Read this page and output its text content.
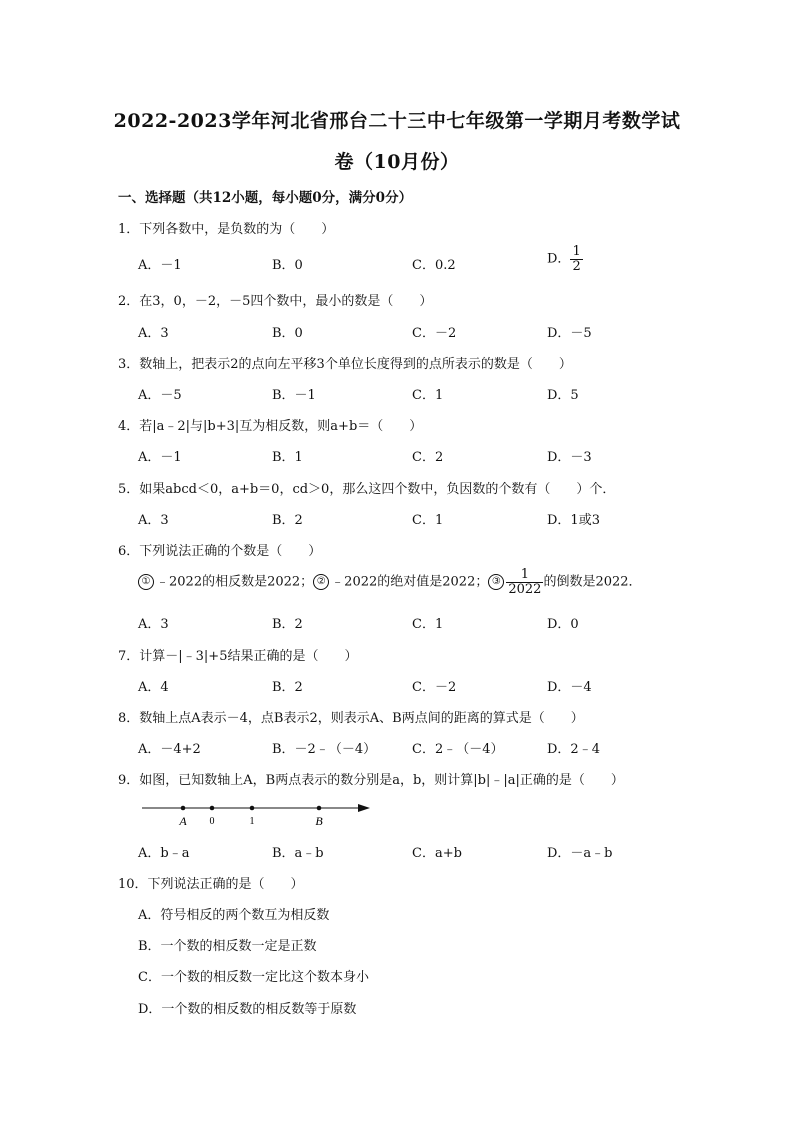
2022-2023学年河北省邢台二十三中七年级第一学期月考数学试
卷（10月份）
一、选择题（共12小题，每小题0分，满分0分）
1．下列各数中，是负数的为（　　）
A．－1	B．0	C．0.2	D． $\frac{1}{2}$
2．在3，0，－2，－5四个数中，最小的数是（　　）
A．3	B．0	C．－2	D．－5
3．数轴上，把表示2的点向左平移3个单位长度得到的点所表示的数是（　　）
A．－5	B．－1	C．1	D．5
4．若|a﹣2|与|b+3|互为相反数，则a+b＝（　　）
A．－1	B．1	C．2	D．－3
5．如果abcd＜0，a+b＝0，cd＞0，那么这四个数中，负因数的个数有（　　）个．
A．3	B．2	C．1	D．1或3
6．下列说法正确的个数是（　　）
① ﹣2022的相反数是2022； ② ﹣2022的绝对值是2022； ③ $\frac{1}{2022}$ 的倒数是2022．
A．3	B．2	C．1	D．0
7．计算－|﹣3|+5结果正确的是（　　）
A．4	B．2	C．－2	D．－4
8．数轴上点A表示－4，点B表示2，则表示A、B两点间的距离的算式是（　　）
A．－4+2	B．－2﹣（－4）	C．2﹣（－4）	D．2﹣4
9．如图，已知数轴上A，B两点表示的数分别是a，b，则计算|b|﹣|a|正确的是（　　）
A 0	1	B
A．b﹣a	B．a﹣b	C．a+b	D．－a﹣b
10．下列说法正确的是（　　）
A．符号相反的两个数互为相反数
B．一个数的相反数一定是正数
C．一个数的相反数一定比这个数本身小
D．一个数的相反数的相反数等于原数
